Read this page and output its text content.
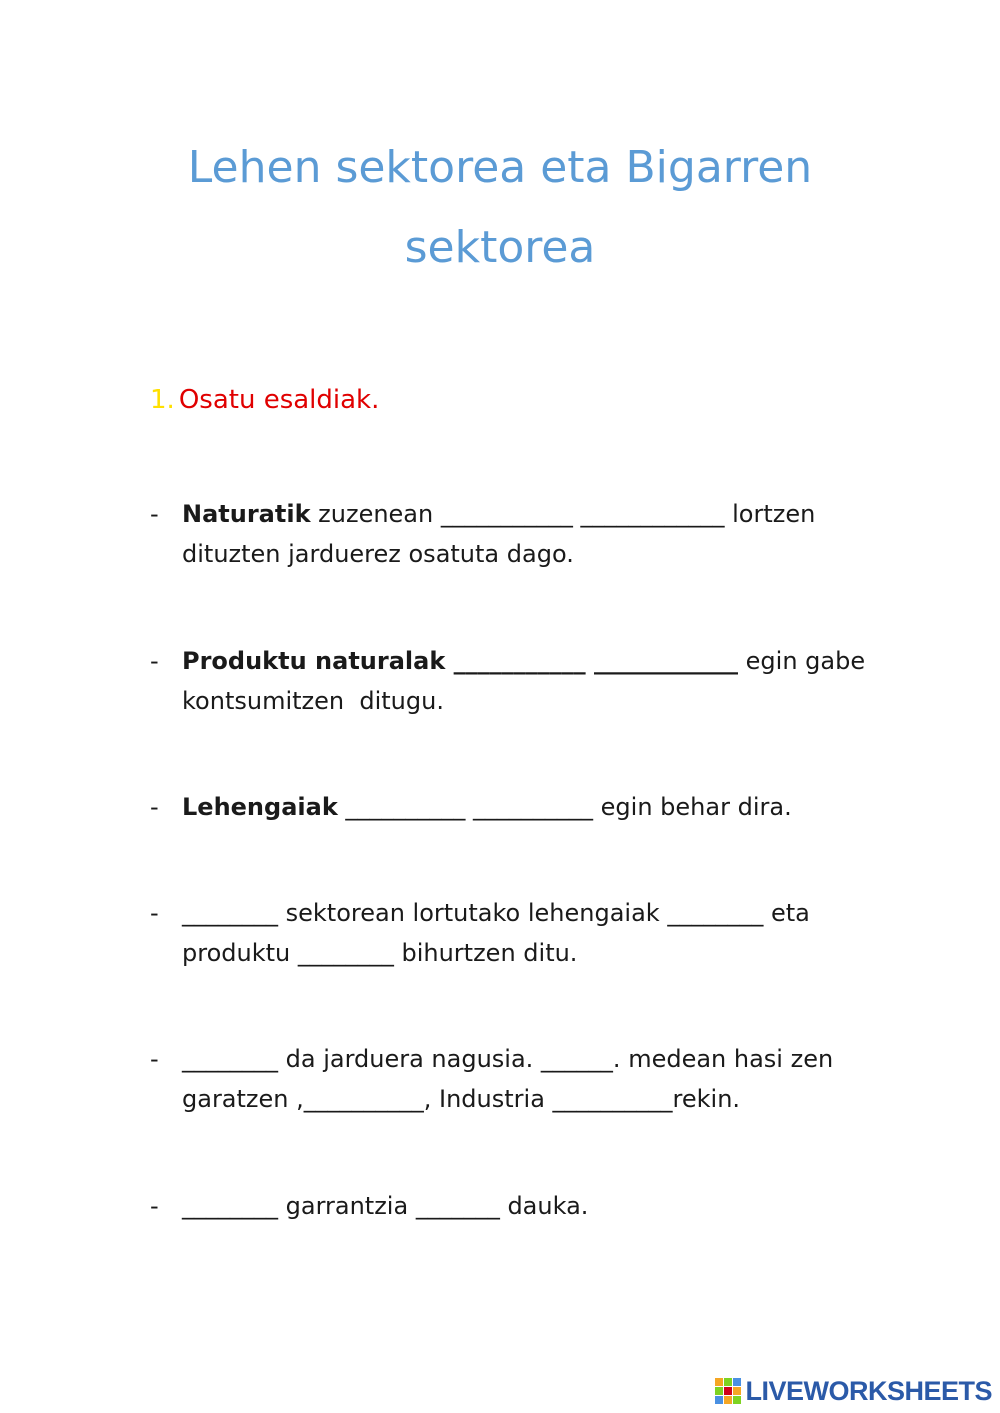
Lehen sektorea eta Bigarren
sektorea
1. Osatu esaldiak.
- Naturatik zuzenean ___________ ____________ lortzen dituzten jarduerez osatuta dago.
- Produktu naturalak ___________ ____________ egin gabe kontsumitzen  ditugu.
- Lehengaiak __________ __________ egin behar dira.
- ________ sektorean lortutako lehengaiak ________ eta produktu ________ bihurtzen ditu.
- ________ da jarduera nagusia. ______. medean hasi zen garatzen ,__________, Industria __________rekin.
- ________ garrantzia _______ dauka.
LIVEWORKSHEETS
